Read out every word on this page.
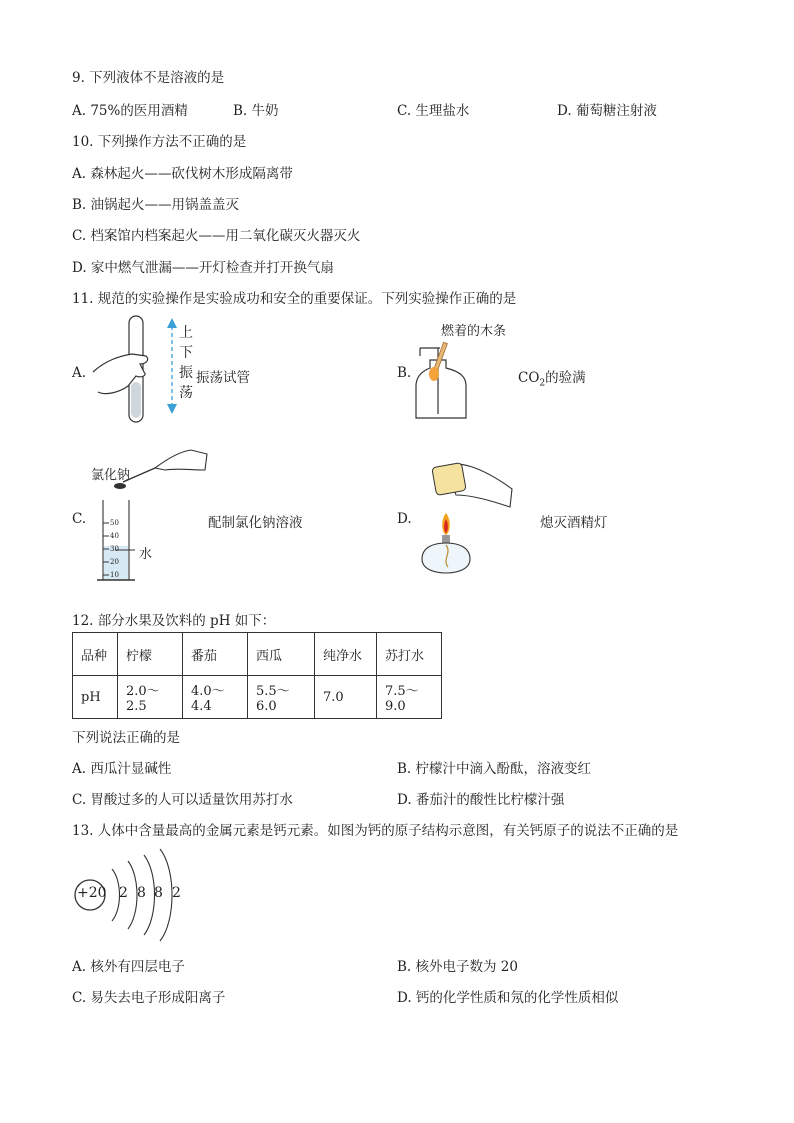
9. 下列液体不是溶液的是
A. 75%的医用酒精	B. 牛奶	C. 生理盐水	D. 葡萄糖注射液
10. 下列操作方法不正确的是
A. 森林起火——砍伐树木形成隔离带
B. 油锅起火——用锅盖盖灭
C. 档案馆内档案起火——用二氧化碳灭火器灭火
D. 家中燃气泄漏——开灯检查并打开换气扇
11. 规范的实验操作是实验成功和安全的重要保证。下列实验操作正确的是
A.
上
下
振
荡
振荡试管	B.
燃着的木条
$CO_2$的验满
C.
氯化钠
50
40
30
20
10
水
配制氯化钠溶液	D.	熄灭酒精灯
12. 部分水果及饮料的 pH 如下：
品种	柠檬	番茄	西瓜	纯净水	苏打水
pH	2.0～2.5	4.0～4.4	5.5～6.0	7.0	7.5～9.0
下列说法正确的是
A. 西瓜汁显碱性	B. 柠檬汁中滴入酚酞，溶液变红
C. 胃酸过多的人可以适量饮用苏打水	D. 番茄汁的酸性比柠檬汁强
13. 人体中含量最高的金属元素是钙元素。如图为钙的原子结构示意图，有关钙原子的说法不正确的是
+20 2 8 8 2
A. 核外有四层电子	B. 核外电子数为 20
C. 易失去电子形成阳离子	D. 钙的化学性质和氖的化学性质相似
